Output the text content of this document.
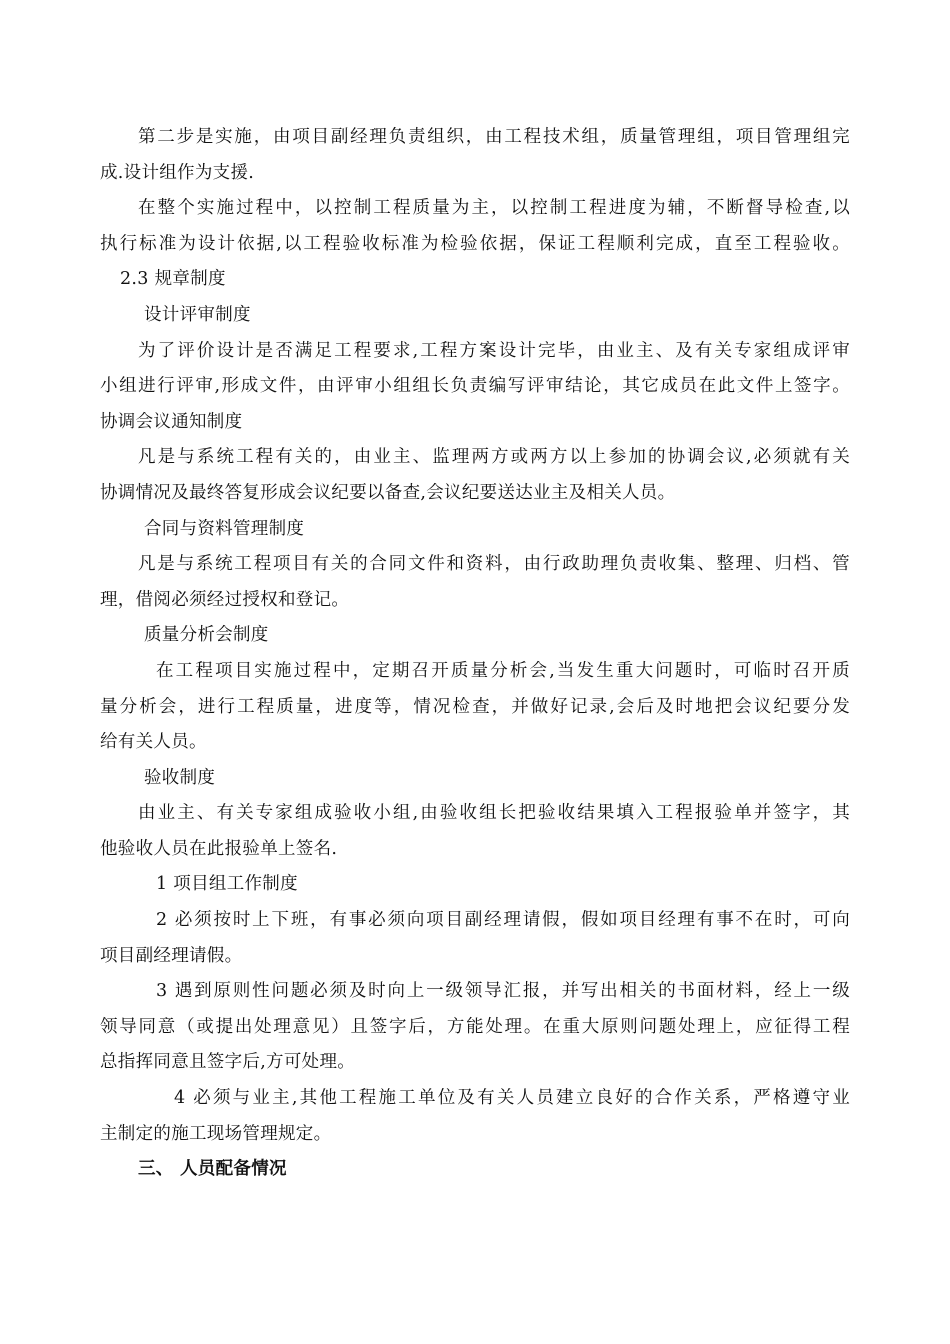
第二步是实施，由项目副经理负责组织，由工程技术组，质量管理组，项目管理组完
成.设计组作为支援.
在整个实施过程中，以控制工程质量为主，以控制工程进度为辅，不断督导检查,以
执行标准为设计依据,以工程验收标准为检验依据，保证工程顺利完成，直至工程验收。
2.3 规章制度
设计评审制度
为了评价设计是否满足工程要求,工程方案设计完毕，由业主、及有关专家组成评审
小组进行评审,形成文件，由评审小组组长负责编写评审结论，其它成员在此文件上签字。
协调会议通知制度
凡是与系统工程有关的，由业主、监理两方或两方以上参加的协调会议,必须就有关
协调情况及最终答复形成会议纪要以备查,会议纪要送达业主及相关人员。
合同与资料管理制度
凡是与系统工程项目有关的合同文件和资料，由行政助理负责收集、整理、归档、管
理，借阅必须经过授权和登记。
质量分析会制度
在工程项目实施过程中，定期召开质量分析会,当发生重大问题时，可临时召开质
量分析会，进行工程质量，进度等，情况检查，并做好记录,会后及时地把会议纪要分发
给有关人员。
验收制度
由业主、有关专家组成验收小组,由验收组长把验收结果填入工程报验单并签字，其
他验收人员在此报验单上签名.
1 项目组工作制度
2 必须按时上下班，有事必须向项目副经理请假，假如项目经理有事不在时，可向
项目副经理请假。
3 遇到原则性问题必须及时向上一级领导汇报，并写出相关的书面材料，经上一级
领导同意（或提出处理意见）且签字后，方能处理。在重大原则问题处理上，应征得工程
总指挥同意且签字后,方可处理。
4 必须与业主,其他工程施工单位及有关人员建立良好的合作关系，严格遵守业
主制定的施工现场管理规定。
三、 人员配备情况
